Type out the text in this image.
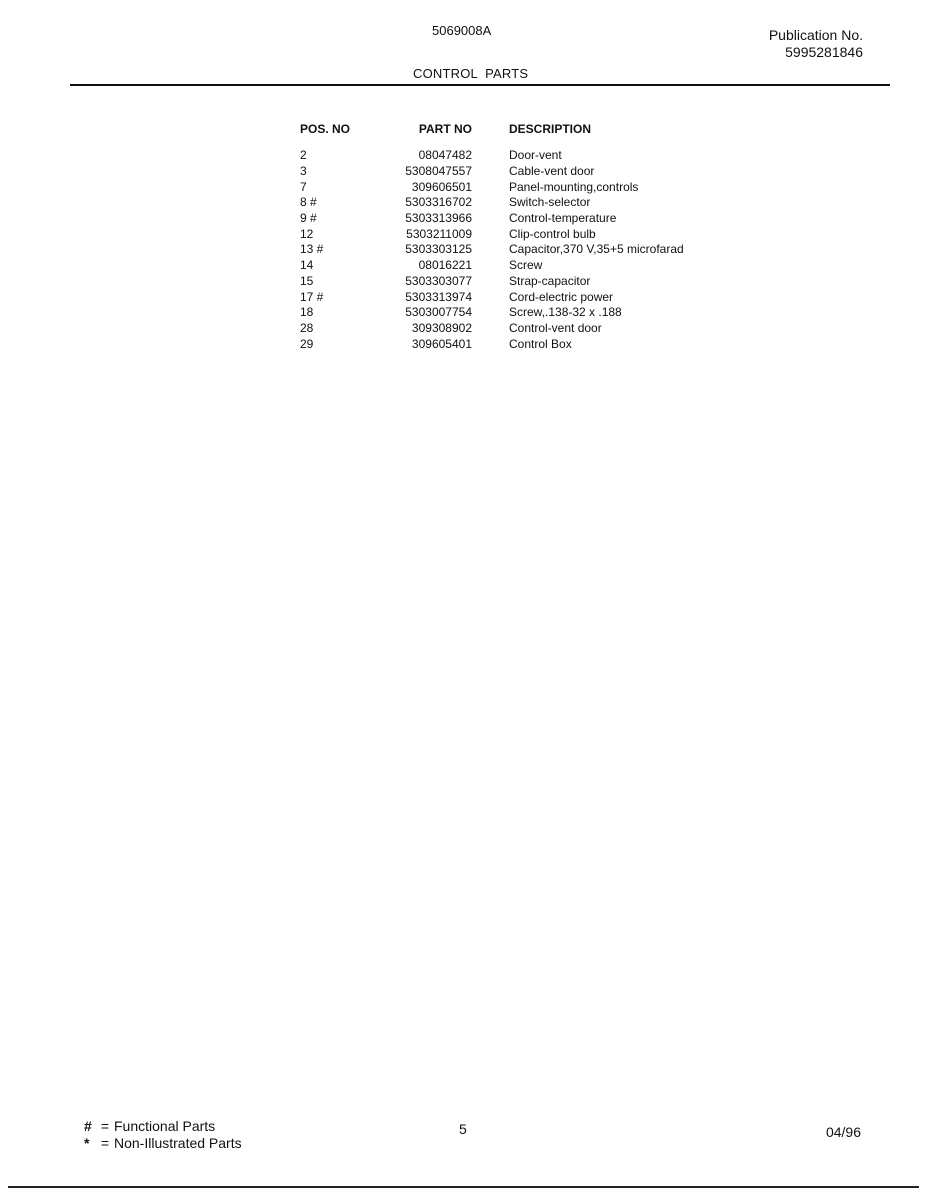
5069008A	Publication No.
5995281846
CONTROL  PARTS
POS. NO	PART NO		DESCRIPTION
2	08047482		Door-vent
3	5308047557		Cable-vent door
7	309606501		Panel-mounting,controls
8 #	5303316702		Switch-selector
9 #	5303313966		Control-temperature
12	5303211009		Clip-control bulb
13 #	5303303125		Capacitor,370 V,35+5 microfarad
14	08016221		Screw
15	5303303077		Strap-capacitor
17 #	5303313974		Cord-electric power
18	5303007754		Screw,.138-32 x .188
28	309308902		Control-vent door
29	309605401		Control Box
# = Functional Parts
* = Non-Illustrated Parts
5	04/96
